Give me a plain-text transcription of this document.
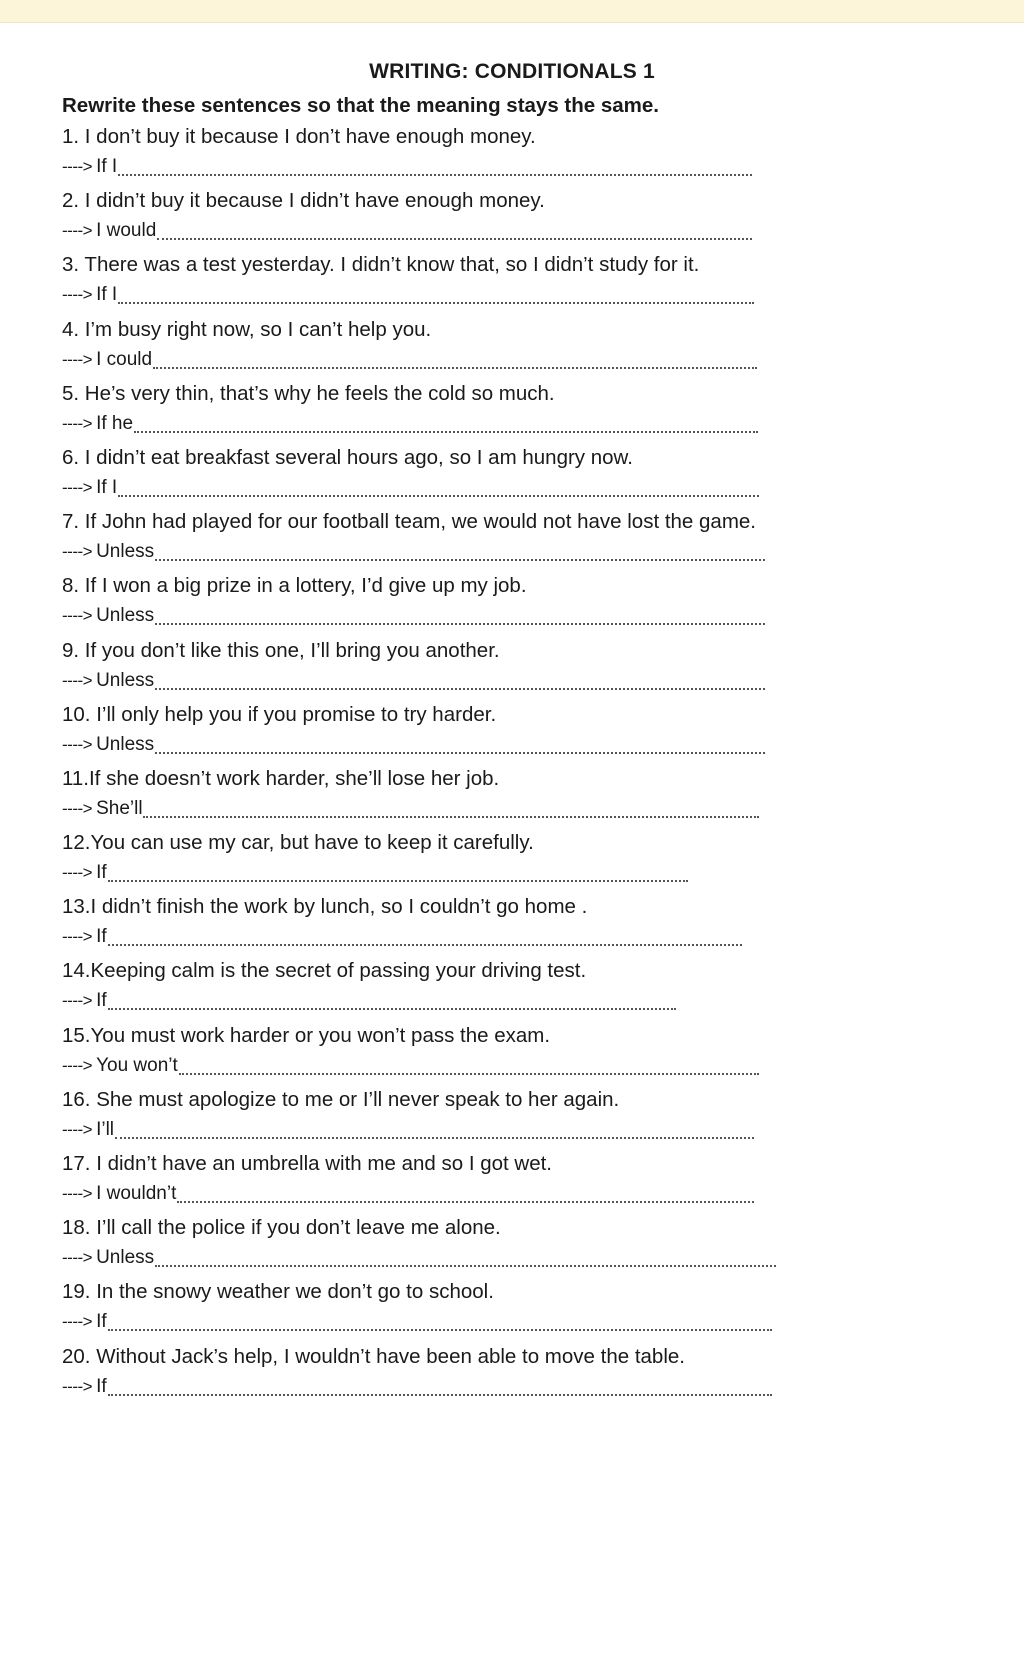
WRITING: CONDITIONALS 1
Rewrite these sentences so that the meaning stays the same.
1. I don’t buy it because I don’t have enough money.
----> If I
2. I didn’t buy it because I didn’t have enough money.
----> I would
3. There was a test yesterday. I didn’t know that, so I didn’t study for it.
----> If I
4. I’m busy right now, so I can’t help you.
----> I could
5. He’s very thin, that’s why he feels the cold so much.
----> If he
6. I didn’t eat breakfast several hours ago, so I am hungry now.
----> If I
7. If John had played for our football team, we would not have lost the game.
----> Unless
8. If I won a big prize in a lottery, I’d give up my job.
----> Unless
9. If you don’t like this one, I’ll bring you another.
----> Unless
10. I’ll only help you if you promise to try harder.
----> Unless
11.If she doesn’t work harder, she’ll lose her job.
----> She’ll
12.You can use my car, but have to keep it carefully.
----> If
13.I didn’t finish the work by lunch, so I couldn’t go home .
----> If
14.Keeping calm is the secret of passing your driving test.
----> If
15.You must work harder or you won’t pass the exam.
----> You won’t
16. She must apologize to me or I’ll never speak to her again.
----> I’ll
17. I didn’t have an umbrella with me and so I got wet.
----> I wouldn’t
18. I’ll call the police if you don’t leave me alone.
----> Unless
19. In the snowy weather we don’t go to school.
----> If
20. Without Jack’s help, I wouldn’t have been able to move the table.
----> If
